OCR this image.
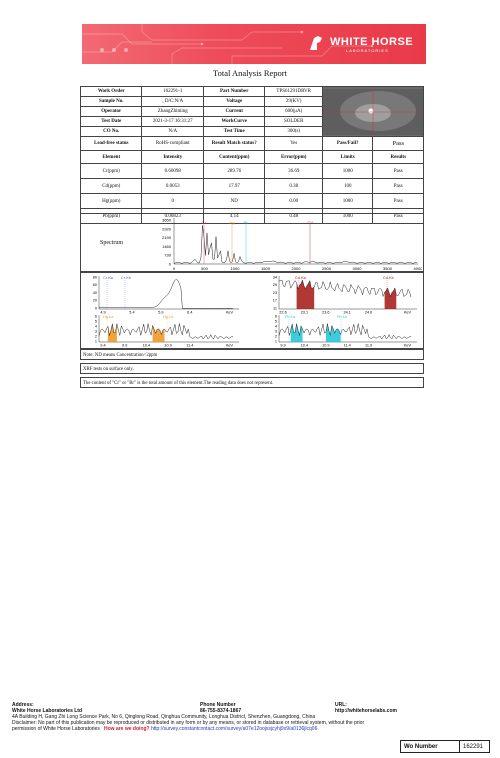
WHITE HORSE
LABORATORIES
Total Analysis Report
Work Order	162291-1	Part Number	TPS61291DRVR	

Sample No.	, D/C:N/A	Voltage	29(KV)		
Operator	ZhangZhiming	Current	600(μA)		
Test Date	2021-3-17 16:31:27	WorkCurve	SOLDER		
CO No.	N/A	Test Time	300(s)		
Lead-free status	RoHS-compliant	Result Match status?	Yes	Pass/Fail?	Pass
Element	Intensity	Content(ppm)	Error(ppm)	Limits	Results
Cr(ppm)	0.60098	289.76	36.69	1000	Pass
Cd(ppm)	0.0053	17.97	0.38	100	Pass
Hg(ppm)	0	ND	0.00	1000	Pass
Pb(ppm)	0.00823	4.14	0.48	1000	Pass
Spectrum
3650
2920
2190
1460
730
0
0	500	1000	1500	2000	2500	3000	3500	4000
Cr	Hg Pb	Cd
80
60
40
20
0
4.9	5.4	5.9	6.4	KeV
Cr-Ka Cr-Kb	34
29
23
17
11
22.6	23.1	23.6	24.1	24.6	KeV
Cd-Ka	Cd-Kb
6
5
4
3
2
1
9.4	9.9	10.4	10.9	11.4	KeV
Hg-La	Hg-Lb	6
5
4
3
2
1
9.9	10.4	10.9	11.4	11.9	KeV
Pb-La	Pb-Lb
Note: ND means Concentration<2ppm
XRF tests on surface only.
The content of "Cr" or "Br" is the total amount of this element.The reading data does not represent.
Address:	Phone Number	URL:
White Horse Laboratories Ltd	86-755-8374-1867	http://whitehorselabs.com
4A Building H, Gang Zhi Long Science Park, No 6, Qinglong Road, Qinghua Community, Longhua District, Shenzhen, Guangdong, China
Disclaimer: No part of this publication may be reproduced or distributed in any form or by any means, or stored in database or retrieval system, without the prior
permission of White Horse Laboratories How are we doing? http://survey.constantcontact.com/survey/a07e12oojxsjcyhj9x9/a0136jlcq06
Wo Number	162291
